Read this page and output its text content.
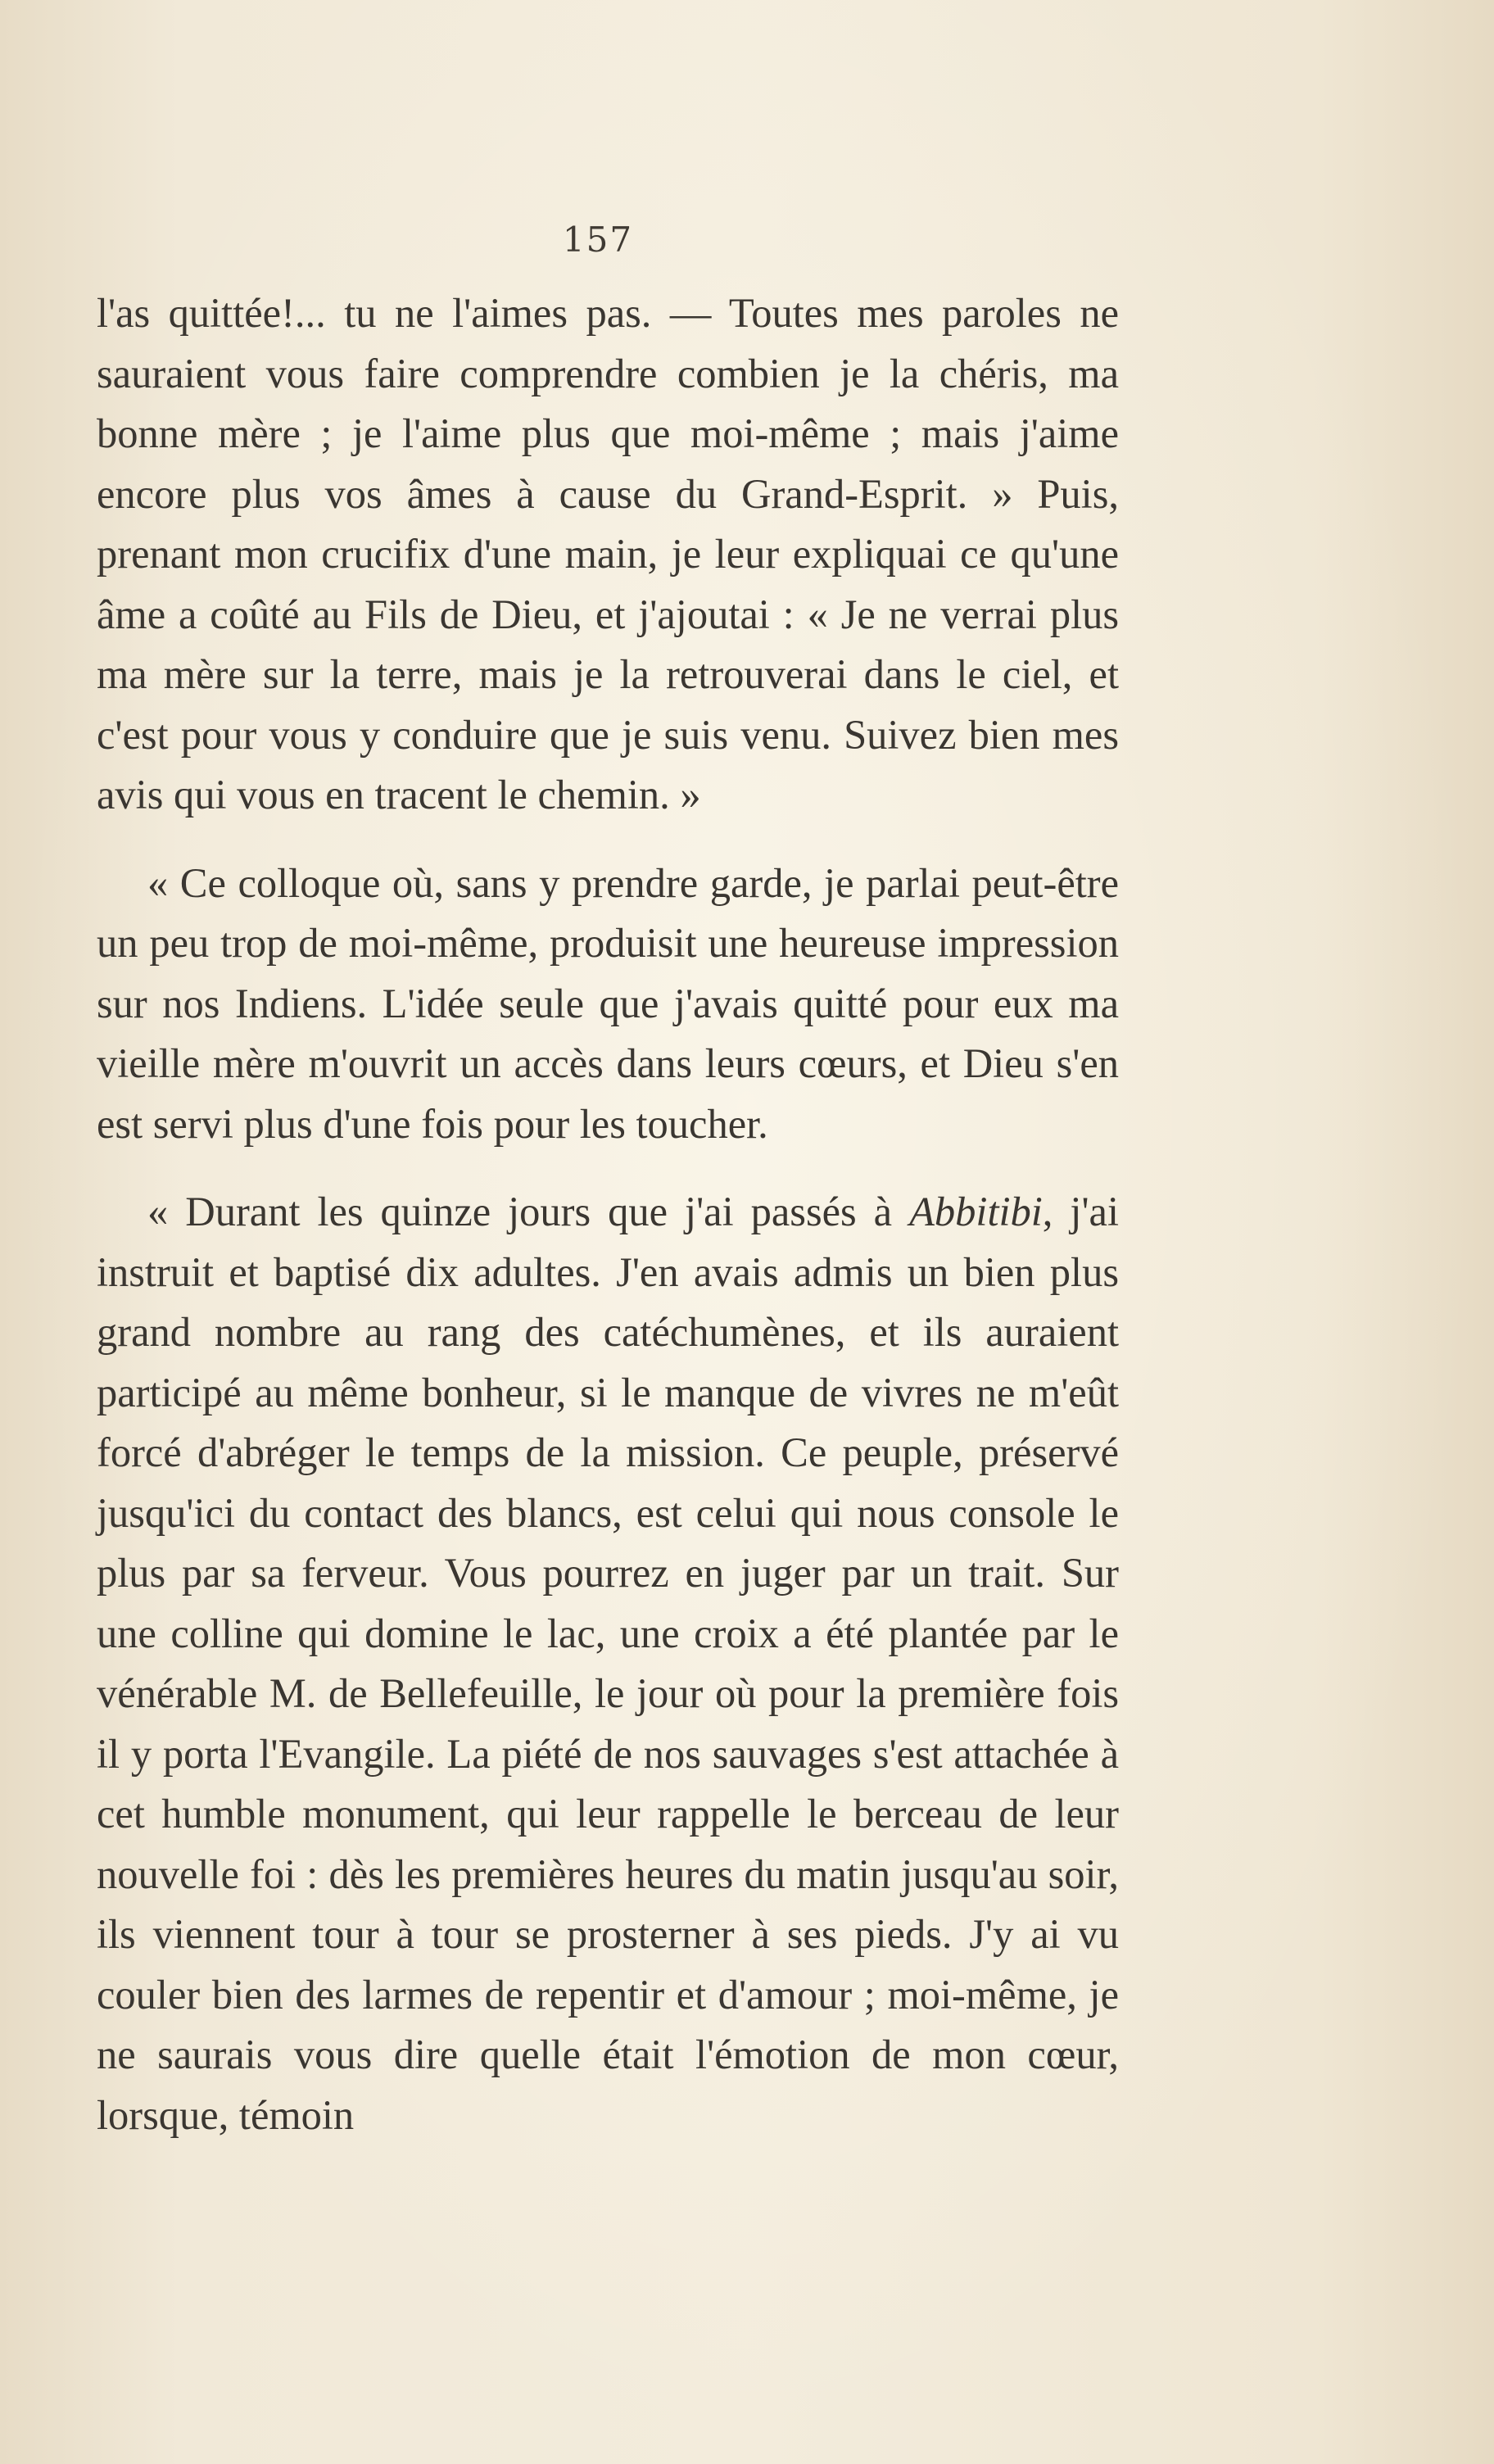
157

l'as quittée!... tu ne l'aimes pas. — Toutes mes paroles ne sauraient vous faire comprendre combien je la chéris, ma bonne mère ; je l'aime plus que moi-même ; mais j'aime encore plus vos âmes à cause du Grand-Esprit. » Puis, prenant mon crucifix d'une main, je leur expliquai ce qu'une âme a coûté au Fils de Dieu, et j'ajoutai : « Je ne verrai plus ma mère sur la terre, mais je la retrouverai dans le ciel, et c'est pour vous y conduire que je suis venu. Suivez bien mes avis qui vous en tracent le chemin. »

« Ce colloque où, sans y prendre garde, je parlai peut-être un peu trop de moi-même, produisit une heureuse impression sur nos Indiens. L'idée seule que j'avais quitté pour eux ma vieille mère m'ouvrit un accès dans leurs cœurs, et Dieu s'en est servi plus d'une fois pour les toucher.

« Durant les quinze jours que j'ai passés à Abbitibi, j'ai instruit et baptisé dix adultes. J'en avais admis un bien plus grand nombre au rang des catéchumènes, et ils auraient participé au même bonheur, si le manque de vivres ne m'eût forcé d'abréger le temps de la mission. Ce peuple, préservé jusqu'ici du contact des blancs, est celui qui nous console le plus par sa ferveur. Vous pourrez en juger par un trait. Sur une colline qui domine le lac, une croix a été plantée par le vénérable M. de Bellefeuille, le jour où pour la première fois il y porta l'Evangile. La piété de nos sauvages s'est attachée à cet humble monument, qui leur rappelle le berceau de leur nouvelle foi : dès les premières heures du matin jusqu'au soir, ils viennent tour à tour se prosterner à ses pieds. J'y ai vu couler bien des larmes de repentir et d'amour ; moi-même, je ne saurais vous dire quelle était l'émotion de mon cœur, lorsque, témoin
